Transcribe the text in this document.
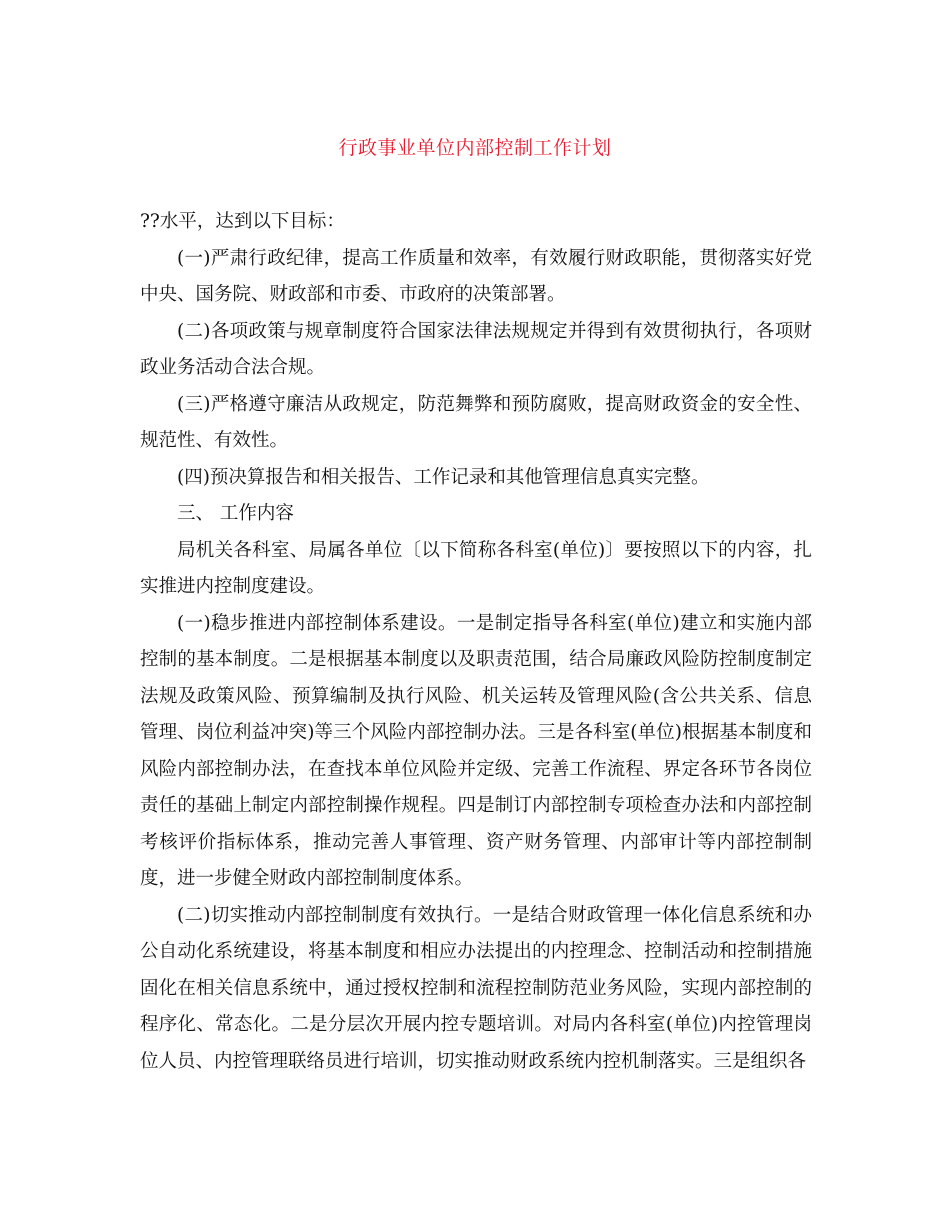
行政事业单位内部控制工作计划

??水平，达到以下目标：

(一)严肃行政纪律，提高工作质量和效率，有效履行财政职能，贯彻落实好党中央、国务院、财政部和市委、市政府的决策部署。

(二)各项政策与规章制度符合国家法律法规规定并得到有效贯彻执行，各项财政业务活动合法合规。

(三)严格遵守廉洁从政规定，防范舞弊和预防腐败，提高财政资金的安全性、规范性、有效性。

(四)预决算报告和相关报告、工作记录和其他管理信息真实完整。

三、 工作内容

局机关各科室、局属各单位〔以下简称各科室(单位)〕要按照以下的内容，扎实推进内控制度建设。

(一)稳步推进内部控制体系建设。一是制定指导各科室(单位)建立和实施内部控制的基本制度。二是根据基本制度以及职责范围，结合局廉政风险防控制度制定法规及政策风险、预算编制及执行风险、机关运转及管理风险(含公共关系、信息管理、岗位利益冲突)等三个风险内部控制办法。三是各科室(单位)根据基本制度和风险内部控制办法，在查找本单位风险并定级、完善工作流程、界定各环节各岗位责任的基础上制定内部控制操作规程。四是制订内部控制专项检查办法和内部控制考核评价指标体系，推动完善人事管理、资产财务管理、内部审计等内部控制制度，进一步健全财政内部控制制度体系。

(二)切实推动内部控制制度有效执行。一是结合财政管理一体化信息系统和办公自动化系统建设，将基本制度和相应办法提出的内控理念、控制活动和控制措施固化在相关信息系统中，通过授权控制和流程控制防范业务风险，实现内部控制的程序化、常态化。二是分层次开展内控专题培训。对局内各科室(单位)内控管理岗位人员、内控管理联络员进行培训，切实推动财政系统内控机制落实。三是组织各
